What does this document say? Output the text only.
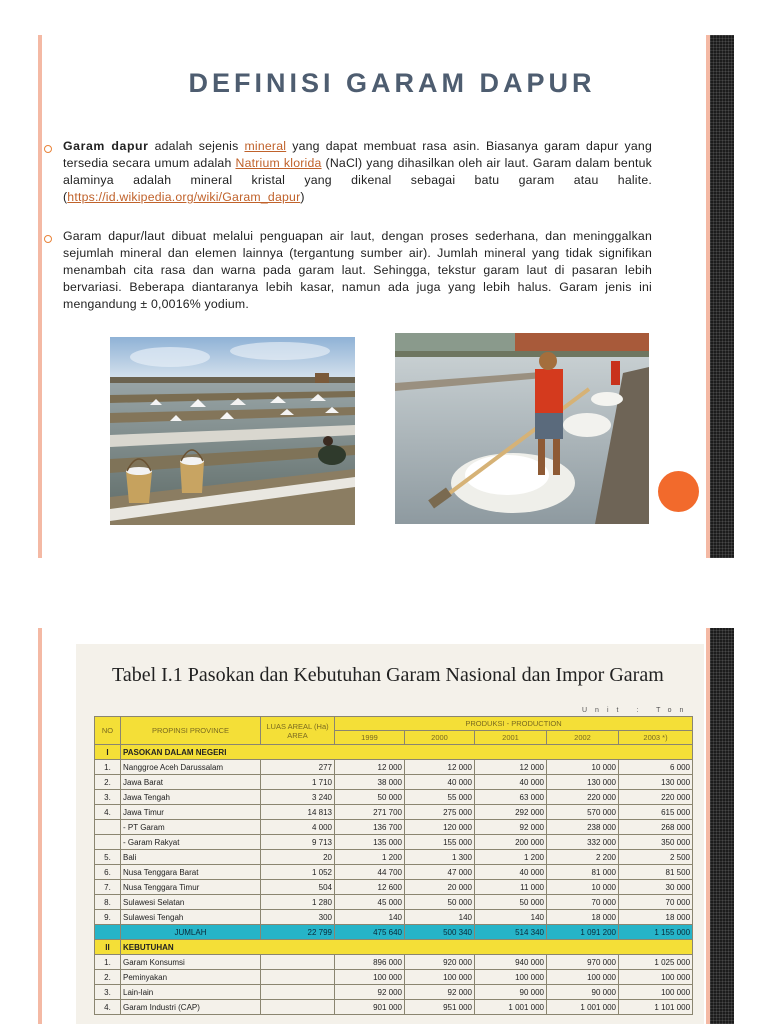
DEFINISI GARAM DAPUR
Garam dapur adalah sejenis mineral yang dapat membuat rasa asin. Biasanya garam dapur yang tersedia secara umum adalah Natrium klorida (NaCl) yang dihasilkan oleh air laut. Garam dalam bentuk alaminya adalah mineral kristal yang dikenal sebagai batu garam atau halite. (https://id.wikipedia.org/wiki/Garam_dapur)
Garam dapur/laut dibuat melalui penguapan air laut, dengan proses sederhana, dan meninggalkan sejumlah mineral dan elemen lainnya (tergantung sumber air). Jumlah mineral yang tidak signifikan menambah cita rasa dan warna pada garam laut. Sehingga, tekstur garam laut di pasaran lebih bervariasi. Beberapa diantaranya lebih kasar, namun ada juga yang lebih halus. Garam jenis ini mengandung ± 0,0016% yodium.
Tabel I.1 Pasokan dan Kebutuhan Garam Nasional dan Impor Garam
Unit : Ton
NO	PROPINSI PROVINCE	LUAS AREAL (Ha) AREA	PRODUKSI - PRODUCTION				
			1999	2000	2001	2002	2003 *)
I	PASOKAN DALAM NEGERI						
1.	Nanggroe Aceh Darussalam	277	12 000	12 000	12 000	10 000	6 000
2.	Jawa Barat	1 710	38 000	40 000	40 000	130 000	130 000
3.	Jawa Tengah	3 240	50 000	55 000	63 000	220 000	220 000
4.	Jawa Timur	14 813	271 700	275 000	292 000	570 000	615 000
	- PT Garam	4 000	136 700	120 000	92 000	238 000	268 000
	- Garam Rakyat	9 713	135 000	155 000	200 000	332 000	350 000
5.	Bali	20	1 200	1 300	1 200	2 200	2 500
6.	Nusa Tenggara Barat	1 052	44 700	47 000	40 000	81 000	81 500
7.	Nusa Tenggara Timur	504	12 600	20 000	11 000	10 000	30 000
8.	Sulawesi Selatan	1 280	45 000	50 000	50 000	70 000	70 000
9.	Sulawesi Tengah	300	140	140	140	18 000	18 000
	JUMLAH	22 799	475 640	500 340	514 340	1 091 200	1 155 000
II	KEBUTUHAN						
1.	Garam Konsumsi		896 000	920 000	940 000	970 000	1 025 000
2.	Peminyakan		100 000	100 000	100 000	100 000	100 000
3.	Lain-lain		92 000	92 000	90 000	90 000	100 000
4.	Garam Industri (CAP)		901 000	951 000	1 001 000	1 001 000	1 101 000
